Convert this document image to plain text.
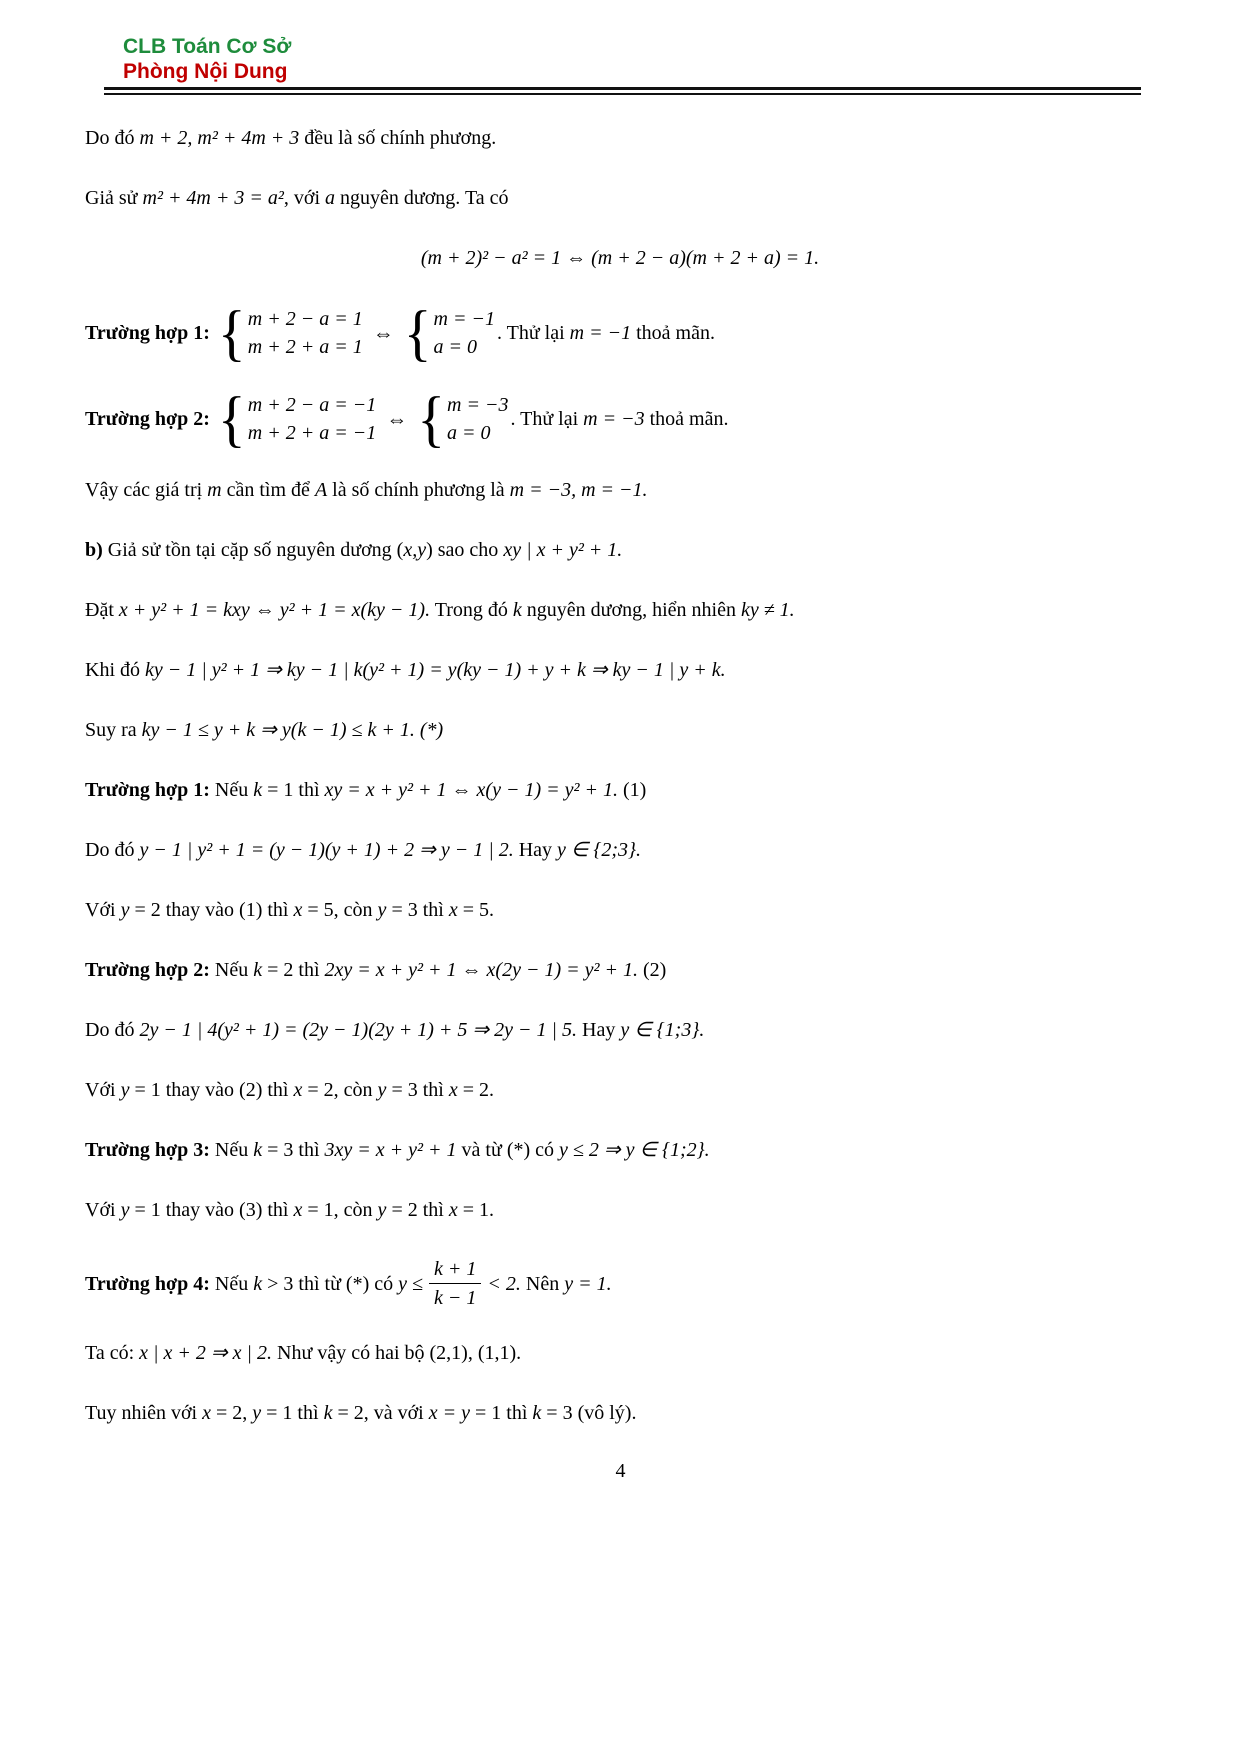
CLB Toán Cơ Sở
Phòng Nội Dung

Do đó m + 2, m² + 4m + 3 đều là số chính phương.

Giả sử m² + 4m + 3 = a², với a nguyên dương. Ta có

(m + 2)² − a² = 1 ⇔ (m + 2 − a)(m + 2 + a) = 1.

Trường hợp 1: { m + 2 − a = 1
m + 2 + a = 1
⇔ { m = −1
a = 0
. Thử lại m = −1 thoả mãn.
Trường hợp 2: { m + 2 − a = −1
m + 2 + a = −1
⇔ { m = −3
a = 0
. Thử lại m = −3 thoả mãn.

Vậy các giá trị m cần tìm để A là số chính phương là m = −3, m = −1.

b) Giả sử tồn tại cặp số nguyên dương (x,y) sao cho xy | x + y² + 1.

Đặt x + y² + 1 = kxy ⇔ y² + 1 = x(ky − 1). Trong đó k nguyên dương, hiển nhiên ky ≠ 1.

Khi đó ky − 1 | y² + 1 ⇒ ky − 1 | k(y² + 1) = y(ky − 1) + y + k ⇒ ky − 1 | y + k.

Suy ra ky − 1 ≤ y + k ⇒ y(k − 1) ≤ k + 1. (*)

Trường hợp 1: Nếu k = 1 thì xy = x + y² + 1 ⇔ x(y − 1) = y² + 1. (1)

Do đó y − 1 | y² + 1 = (y − 1)(y + 1) + 2 ⇒ y − 1 | 2. Hay y ∈ {2;3}.

Với y = 2 thay vào (1) thì x = 5, còn y = 3 thì x = 5.

Trường hợp 2: Nếu k = 2 thì 2xy = x + y² + 1 ⇔ x(2y − 1) = y² + 1. (2)

Do đó 2y − 1 | 4(y² + 1) = (2y − 1)(2y + 1) + 5 ⇒ 2y − 1 | 5. Hay y ∈ {1;3}.

Với y = 1 thay vào (2) thì x = 2, còn y = 3 thì x = 2.

Trường hợp 3: Nếu k = 3 thì 3xy = x + y² + 1 và từ (*) có y ≤ 2 ⇒ y ∈ {1;2}.

Với y = 1 thay vào (3) thì x = 1, còn y = 2 thì x = 1.

Trường hợp 4: Nếu k > 3 thì từ (*) có $y \le \frac{k + 1}{k - 1} < 2$. Nên y = 1.

Ta có: x | x + 2 ⇒ x | 2. Như vậy có hai bộ (2,1), (1,1).

Tuy nhiên với x = 2, y = 1 thì k = 2, và với x = y = 1 thì k = 3 (vô lý).

4
